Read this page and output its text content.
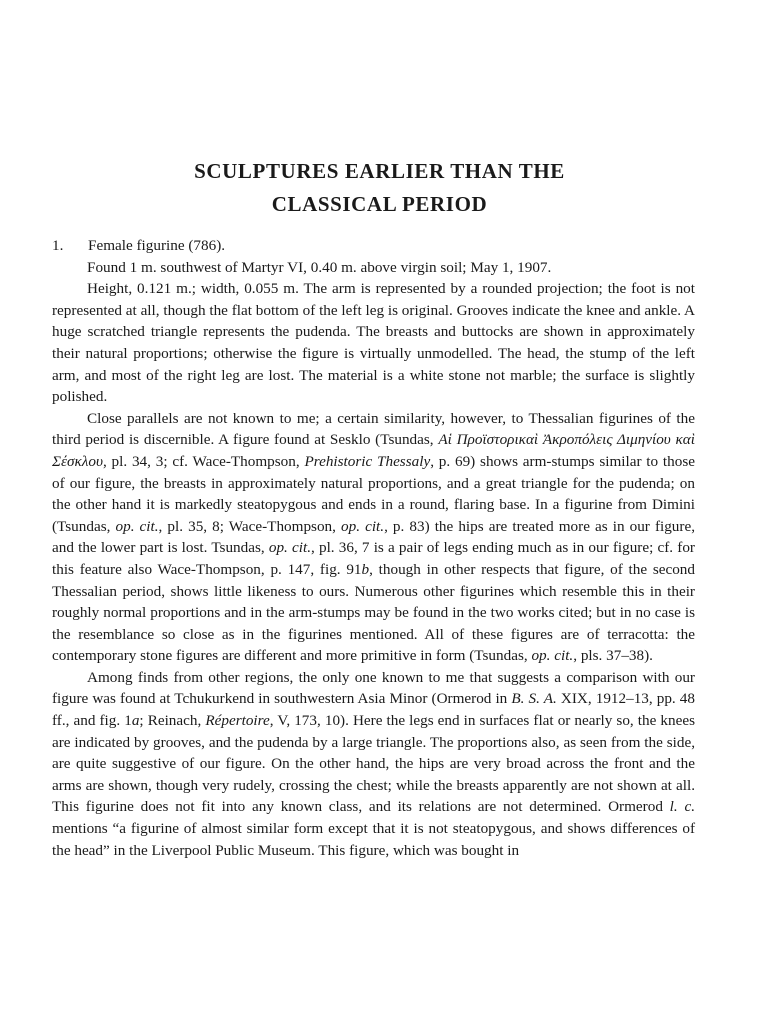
SCULPTURES EARLIER THAN THE
CLASSICAL PERIOD

1. Female figurine (786).

Found 1 m. southwest of Martyr VI, 0.40 m. above virgin soil; May 1, 1907.

Height, 0.121 m.; width, 0.055 m. The arm is represented by a rounded projection; the foot is not represented at all, though the flat bottom of the left leg is original. Grooves indicate the knee and ankle. A huge scratched triangle represents the pudenda. The breasts and buttocks are shown in approximately their natural proportions; otherwise the figure is virtually unmodelled. The head, the stump of the left arm, and most of the right leg are lost. The material is a white stone not marble; the surface is slightly polished.

Close parallels are not known to me; a certain similarity, however, to Thessalian figurines of the third period is discernible. A figure found at Sesklo (Tsundas, Αἱ Προϊστορικαὶ Ἀκροπόλεις Διμηνίου καὶ Σέσκλου, pl. 34, 3; cf. Wace-Thompson, Prehistoric Thessaly, p. 69) shows arm-stumps similar to those of our figure, the breasts in approximately natural proportions, and a great triangle for the pudenda; on the other hand it is markedly steatopygous and ends in a round, flaring base. In a figurine from Dimini (Tsundas, op. cit., pl. 35, 8; Wace-Thompson, op. cit., p. 83) the hips are treated more as in our figure, and the lower part is lost. Tsundas, op. cit., pl. 36, 7 is a pair of legs ending much as in our figure; cf. for this feature also Wace-Thompson, p. 147, fig. 91b, though in other respects that figure, of the second Thessalian period, shows little likeness to ours. Numerous other figurines which resemble this in their roughly normal proportions and in the arm-stumps may be found in the two works cited; but in no case is the resemblance so close as in the figurines mentioned. All of these figures are of terracotta: the contemporary stone figures are different and more primitive in form (Tsundas, op. cit., pls. 37–38).

Among finds from other regions, the only one known to me that suggests a comparison with our figure was found at Tchukurkend in southwestern Asia Minor (Ormerod in B. S. A. XIX, 1912–13, pp. 48 ff., and fig. 1a; Reinach, Répertoire, V, 173, 10). Here the legs end in surfaces flat or nearly so, the knees are indicated by grooves, and the pudenda by a large triangle. The proportions also, as seen from the side, are quite suggestive of our figure. On the other hand, the hips are very broad across the front and the arms are shown, though very rudely, crossing the chest; while the breasts apparently are not shown at all. This figurine does not fit into any known class, and its relations are not determined. Ormerod l. c. mentions “a figurine of almost similar form except that it is not steatopygous, and shows differences of the head” in the Liverpool Public Museum. This figure, which was bought in
